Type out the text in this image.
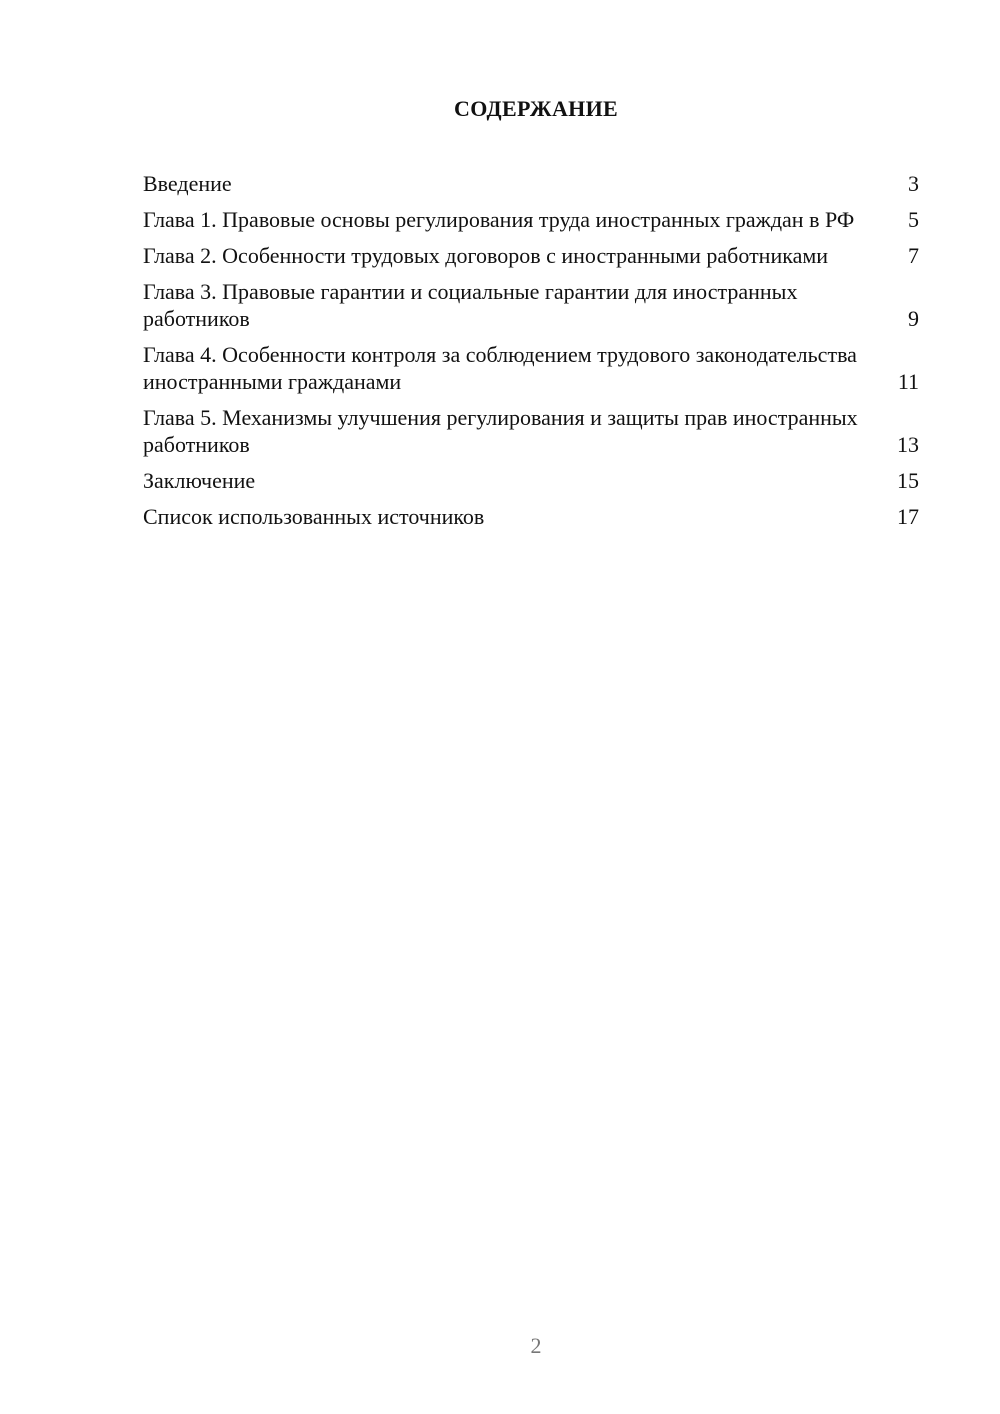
СОДЕРЖАНИЕ
Введение	3
Глава 1. Правовые основы регулирования труда иностранных граждан в РФ 5
Глава 2. Особенности трудовых договоров с иностранными работниками	7
Глава 3. Правовые гарантии и социальные гарантии для иностранных работников	9
Глава 4. Особенности контроля за соблюдением трудового законодательства иностранными гражданами	11
Глава 5. Механизмы улучшения регулирования и защиты прав иностранных работников	13
Заключение	15
Список использованных источников	17
2
